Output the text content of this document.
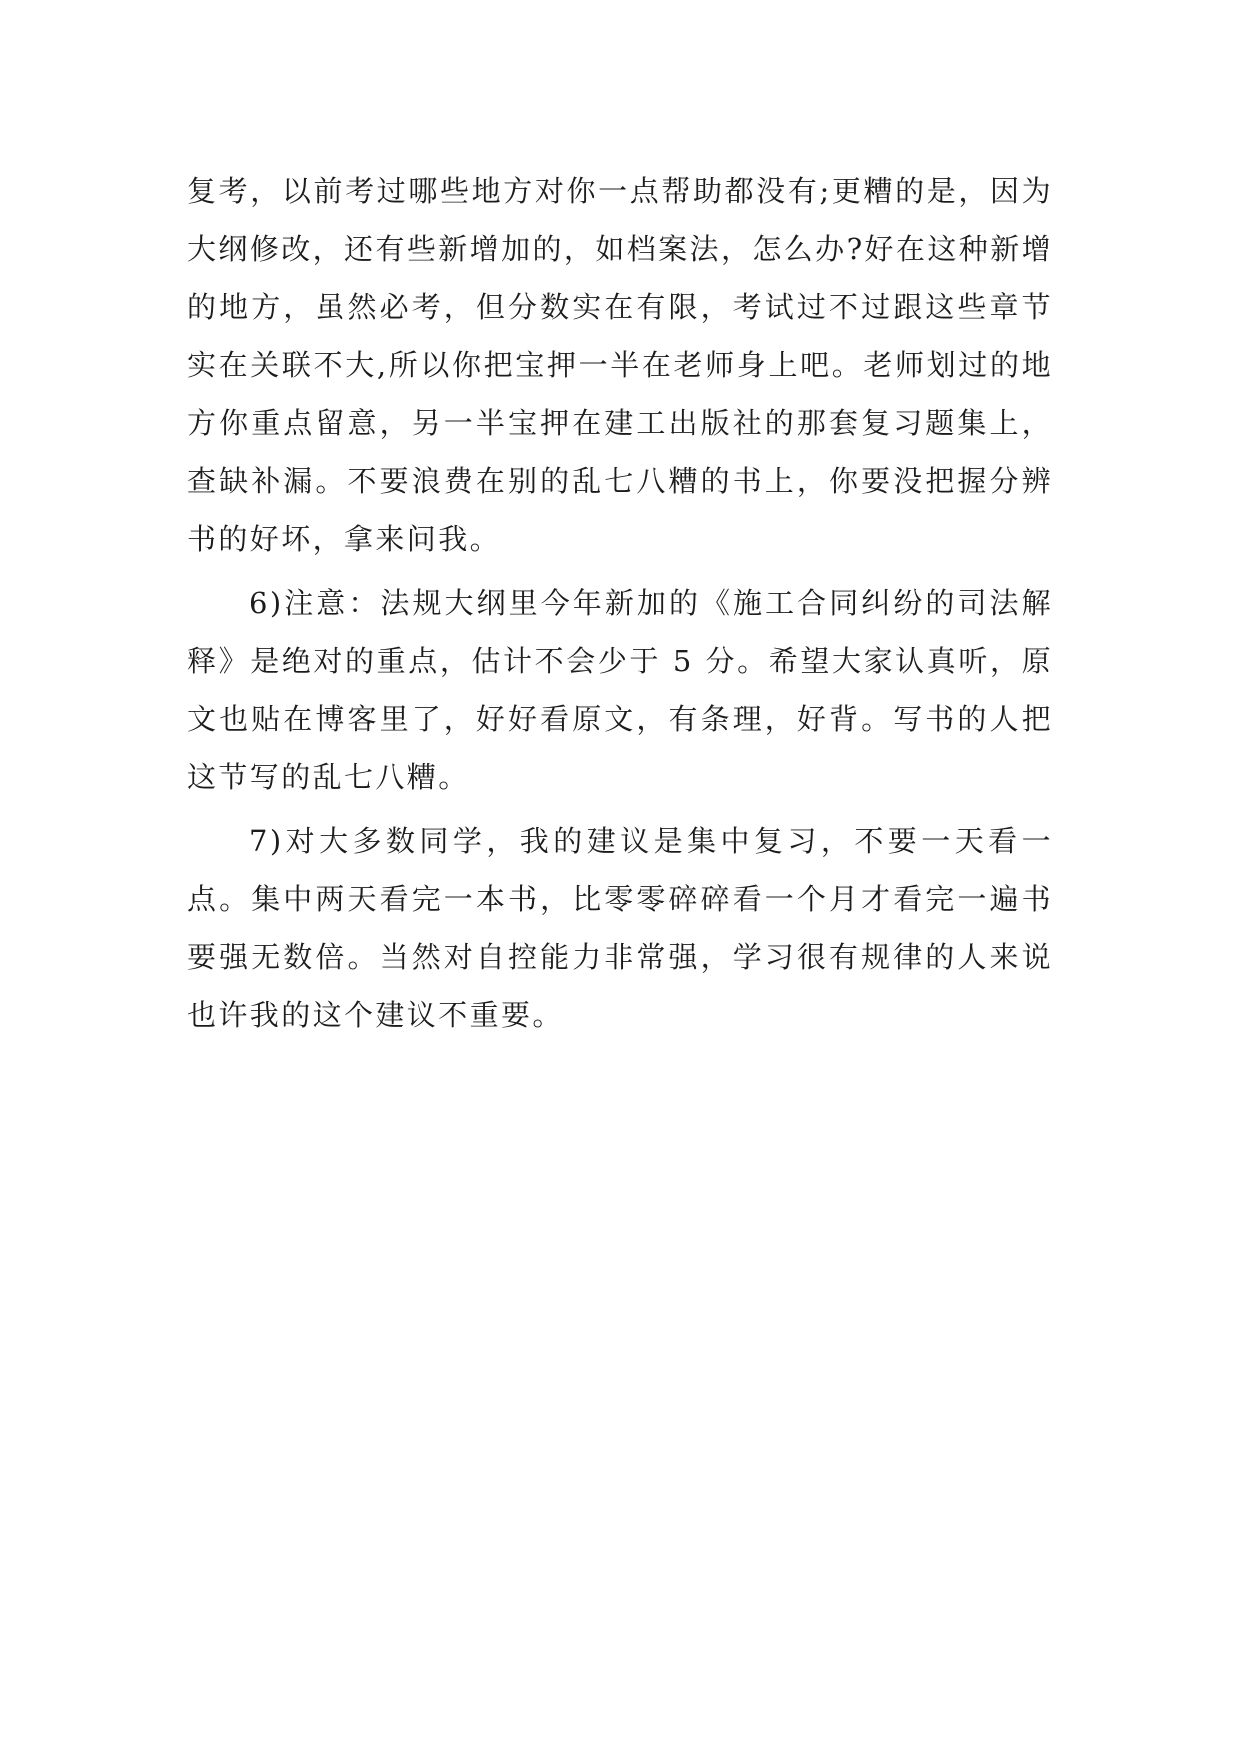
复考，以前考过哪些地方对你一点帮助都没有;更糟的是，因为大纲修改，还有些新增加的，如档案法，怎么办?好在这种新增的地方，虽然必考，但分数实在有限，考试过不过跟这些章节实在关联不大,所以你把宝押一半在老师身上吧。老师划过的地方你重点留意，另一半宝押在建工出版社的那套复习题集上，查缺补漏。不要浪费在别的乱七八糟的书上，你要没把握分辨书的好坏，拿来问我。

6)注意：法规大纲里今年新加的《施工合同纠纷的司法解释》是绝对的重点，估计不会少于 5 分。希望大家认真听，原文也贴在博客里了，好好看原文，有条理，好背。写书的人把这节写的乱七八糟。

7)对大多数同学，我的建议是集中复习，不要一天看一点。集中两天看完一本书，比零零碎碎看一个月才看完一遍书要强无数倍。当然对自控能力非常强，学习很有规律的人来说也许我的这个建议不重要。
